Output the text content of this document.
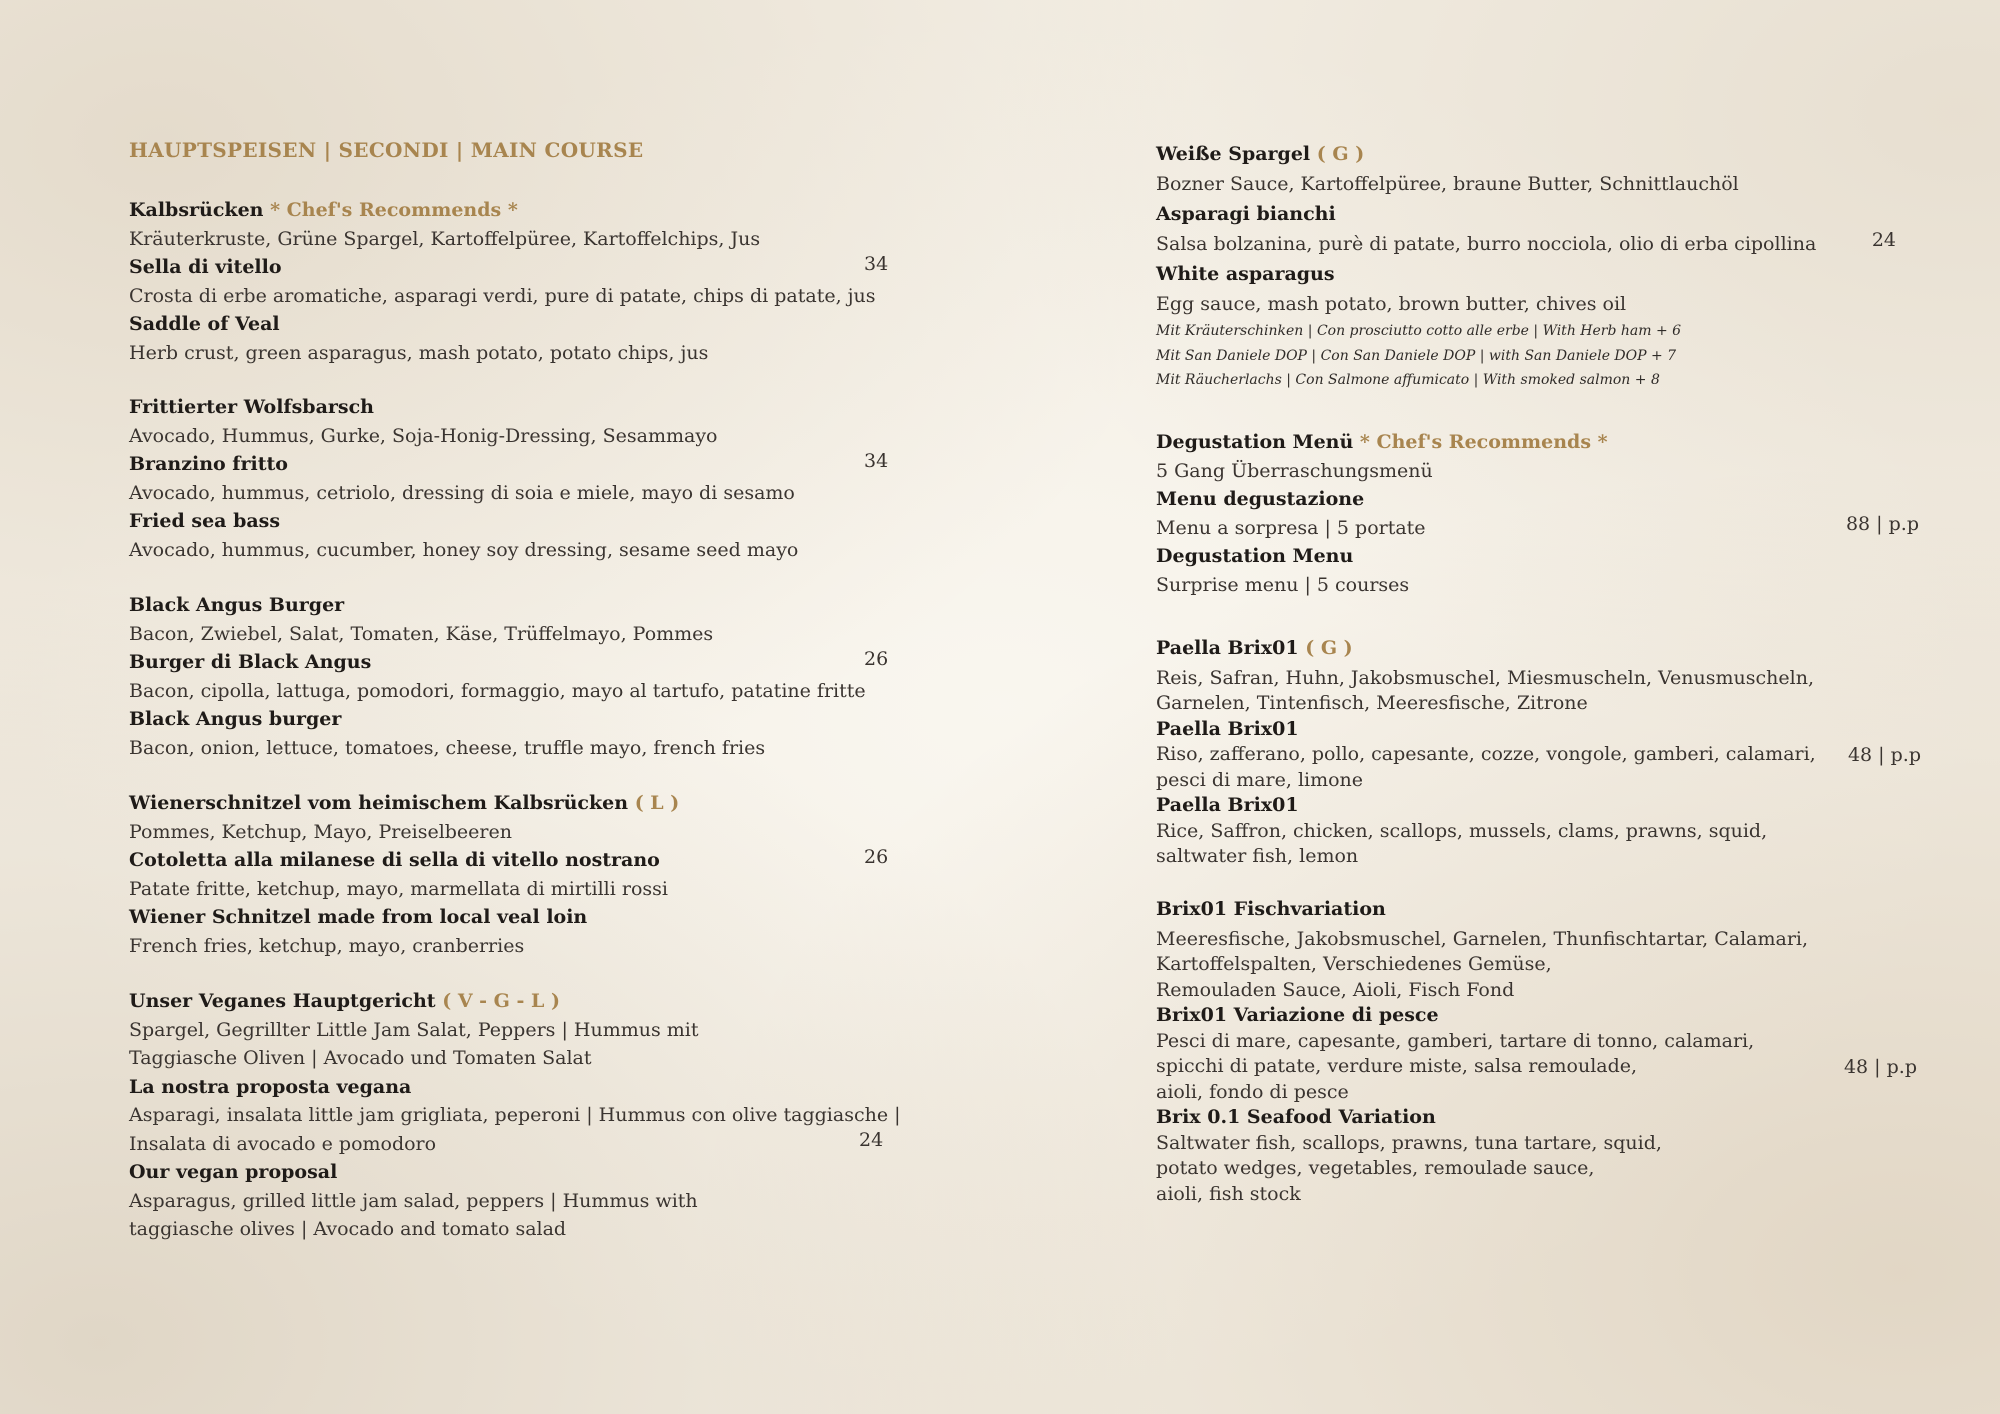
HAUPTSPEISEN | SECONDI | MAIN COURSE
Kalbsrücken * Chef's Recommends *
Kräuterkruste, Grüne Spargel, Kartoffelpürее, Kartoffelchips, Jus
Sella di vitello
Crosta di erbe aromatiche, asparagi verdi, pure di patate, chips di patate, jus
Saddle of Veal
Herb crust, green asparagus, mash potato, potato chips, jus
34
Frittierter Wolfsbarsch
Avocado, Hummus, Gurke, Soja-Honig-Dressing, Sesammayo
Branzino fritto
Avocado, hummus, cetriolo, dressing di soia e miele, mayo di sesamo
Fried sea bass
Avocado, hummus, cucumber, honey soy dressing, sesame seed mayo
34
Black Angus Burger
Bacon, Zwiebel, Salat, Tomaten, Käse, Trüffelmayo, Pommes
Burger di Black Angus
Bacon, cipolla, lattuga, pomodori, formaggio, mayo al tartufo, patatine fritte
Black Angus burger
Bacon, onion, lettuce, tomatoes, cheese, truffle mayo, french fries
26
Wienerschnitzel vom heimischem Kalbsrücken ( L )
Pommes, Ketchup, Mayo, Preiselbeeren
Cotoletta alla milanese di sella di vitello nostrano
Patate fritte, ketchup, mayo, marmellata di mirtilli rossi
Wiener Schnitzel made from local veal loin
French fries, ketchup, mayo, cranberries
26
Unser Veganes Hauptgericht ( V - G - L )
Spargel, Gegrillter Little Jam Salat, Peppers | Hummus mit
Taggiasche Oliven | Avocado und Tomaten Salat
La nostra proposta vegana
Asparagi, insalata little jam grigliata, peperoni | Hummus con olive taggiasche |
Insalata di avocado e pomodoro
Our vegan proposal
Asparagus, grilled little jam salad, peppers | Hummus with
taggiasche olives | Avocado and tomato salad
24
Weiße Spargel ( G )
Bozner Sauce, Kartoffelpüree, braune Butter, Schnittlauchöl
Asparagi bianchi
Salsa bolzanina, purè di patate, burro nocciola, olio di erba cipollina
White asparagus
Egg sauce, mash potato, brown butter, chives oil
Mit Kräuterschinken | Con prosciutto cotto alle erbe | With Herb ham + 6
Mit San Daniele DOP | Con San Daniele DOP | with San Daniele DOP + 7
Mit Räucherlachs | Con Salmone affumicato | With smoked salmon + 8
24
Degustation Menü * Chef's Recommends *
5 Gang Überraschungsmenü
Menu degustazione
Menu a sorpresa | 5 portate
Degustation Menu
Surprise menu | 5 courses
88 | p.p
Paella Brix01 ( G )
Reis, Safran, Huhn, Jakobsmuschel, Miesmuscheln, Venusmuscheln,
Garnelen, Tintenfisch, Meeresfische, Zitrone
Paella Brix01
Riso, zafferano, pollo, capesante, cozze, vongole, gamberi, calamari,
pesci di mare, limone
Paella Brix01
Rice, Saffron, chicken, scallops, mussels, clams, prawns, squid,
saltwater fish, lemon
48 | p.p
Brix01 Fischvariation
Meeresfische, Jakobsmuschel, Garnelen, Thunfischtartar, Calamari,
Kartoffelspalten, Verschiedenes Gemüse,
Remouladen Sauce, Aioli, Fisch Fond
Brix01 Variazione di pesce
Pesci di mare, capesante, gamberi, tartare di tonno, calamari,
spicchi di patate, verdure miste, salsa remoulade,
aioli, fondo di pesce
Brix 0.1 Seafood Variation
Saltwater fish, scallops, prawns, tuna tartare, squid,
potato wedges, vegetables, remoulade sauce,
aioli, fish stock
48 | p.p
